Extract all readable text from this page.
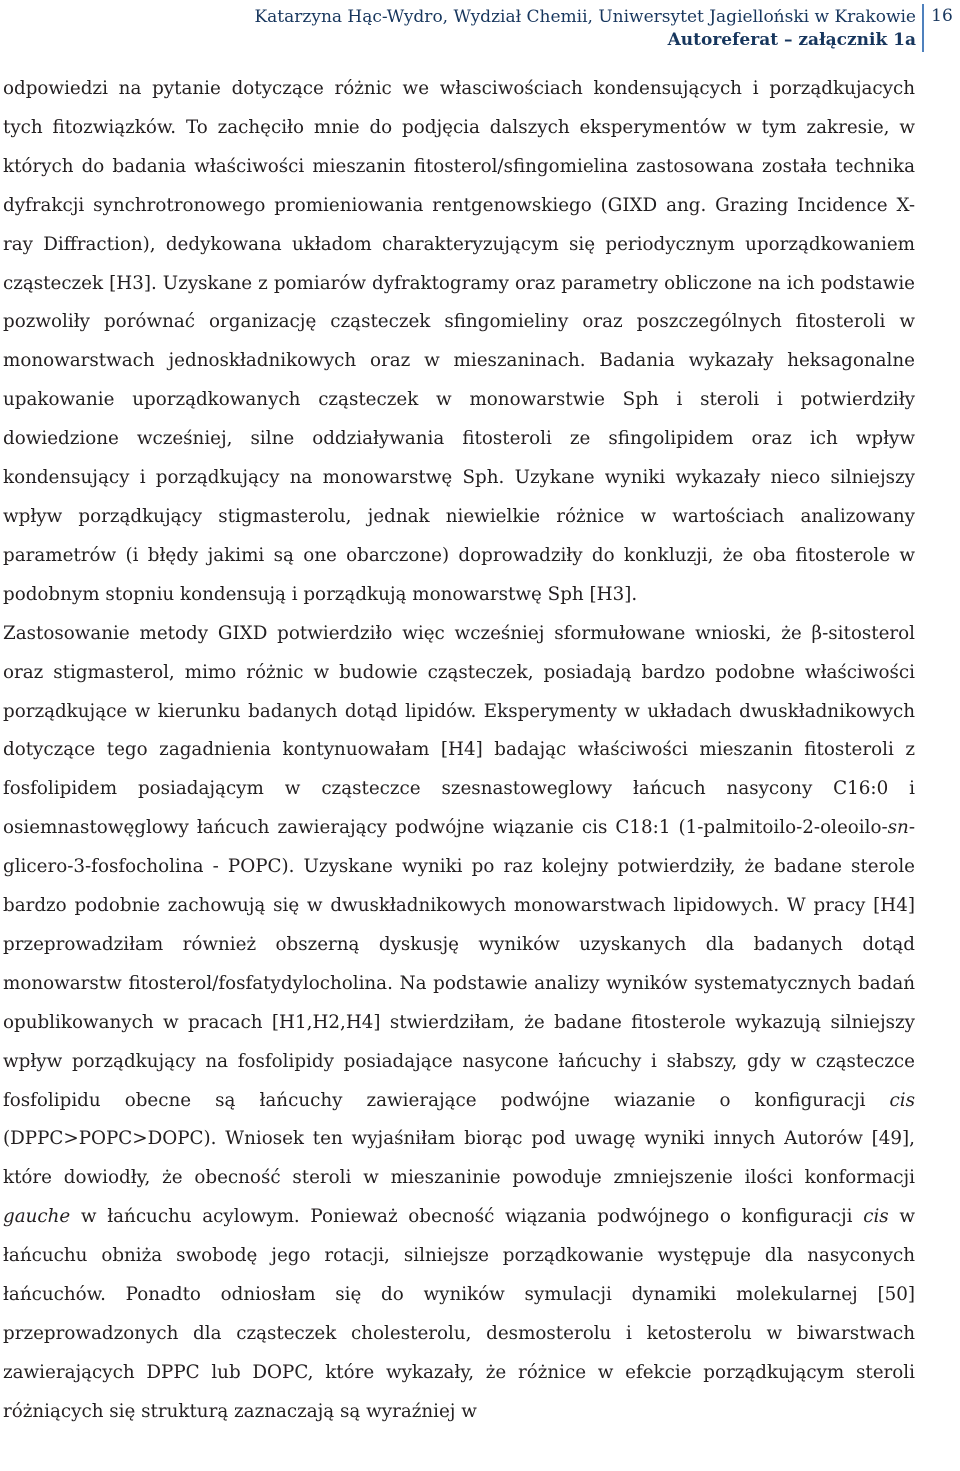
Katarzyna Hąc-Wydro, Wydział Chemii, Uniwersytet Jagielloński w Krakowie
Autoreferat – załącznik 1a
16

odpowiedzi na pytanie dotyczące różnic we własciwościach kondensujących i porządkujacych tych fitozwiązków. To zachęciło mnie do podjęcia dalszych eksperymentów w tym zakresie, w których do badania właściwości mieszanin fitosterol/sfingomielina zastosowana została technika dyfrakcji synchrotronowego promieniowania rentgenowskiego (GIXD ang. Grazing Incidence X-ray Diffraction), dedykowana układom charakteryzującym się periodycznym uporządkowaniem cząsteczek [H3]. Uzyskane z pomiarów dyfraktogramy oraz parametry obliczone na ich podstawie pozwoliły porównać organizację cząsteczek sfingomieliny oraz poszczególnych fitosteroli w monowarstwach jednoskładnikowych oraz w mieszaninach. Badania wykazały heksagonalne upakowanie uporządkowanych cząsteczek w monowarstwie Sph i steroli i potwierdziły dowiedzione wcześniej, silne oddziaływania fitosteroli ze sfingolipidem oraz ich wpływ kondensujący i porządkujący na monowarstwę Sph. Uzykane wyniki wykazały nieco silniejszy wpływ porządkujący stigmasterolu, jednak niewielkie różnice w wartościach analizowany parametrów (i błędy jakimi są one obarczone) doprowadziły do konkluzji, że oba fitosterole w podobnym stopniu kondensują i porządkują monowarstwę Sph [H3].

Zastosowanie metody GIXD potwierdziło więc wcześniej sformułowane wnioski, że β-sitosterol oraz stigmasterol, mimo różnic w budowie cząsteczek, posiadają bardzo podobne właściwości porządkujące w kierunku badanych dotąd lipidów. Eksperymenty w układach dwuskładnikowych dotyczące tego zagadnienia kontynuowałam [H4] badając właściwości mieszanin fitosteroli z fosfolipidem posiadającym w cząsteczce szesnastoweglowy łańcuch nasycony C16:0 i osiemnastowęglowy łańcuch zawierający podwójne wiązanie cis C18:1 (1-palmitoilo-2-oleoilo-sn-glicero-3-fosfocholina - POPC). Uzyskane wyniki po raz kolejny potwierdziły, że badane sterole bardzo podobnie zachowują się w dwuskładnikowych monowarstwach lipidowych. W pracy [H4] przeprowadziłam również obszerną dyskusję wyników uzyskanych dla badanych dotąd monowarstw fitosterol/fosfatydylocholina. Na podstawie analizy wyników systematycznych badań opublikowanych w pracach [H1,H2,H4] stwierdziłam, że badane fitosterole wykazują silniejszy wpływ porządkujący na fosfolipidy posiadające nasycone łańcuchy i słabszy, gdy w cząsteczce fosfolipidu obecne są łańcuchy zawierające podwójne wiazanie o konfiguracji cis (DPPC>POPC>DOPC). Wniosek ten wyjaśniłam biorąc pod uwagę wyniki innych Autorów [49], które dowiodły, że obecność steroli w mieszaninie powoduje zmniejszenie ilości konformacji gauche w łańcuchu acylowym. Ponieważ obecność wiązania podwójnego o konfiguracji cis w łańcuchu obniża swobodę jego rotacji, silniejsze porządkowanie występuje dla nasyconych łańcuchów. Ponadto odniosłam się do wyników symulacji dynamiki molekularnej [50] przeprowadzonych dla cząsteczek cholesterolu, desmosterolu i ketosterolu w biwarstwach zawierających DPPC lub DOPC, które wykazały, że różnice w efekcie porządkującym steroli różniących się strukturą zaznaczają są wyraźniej w
